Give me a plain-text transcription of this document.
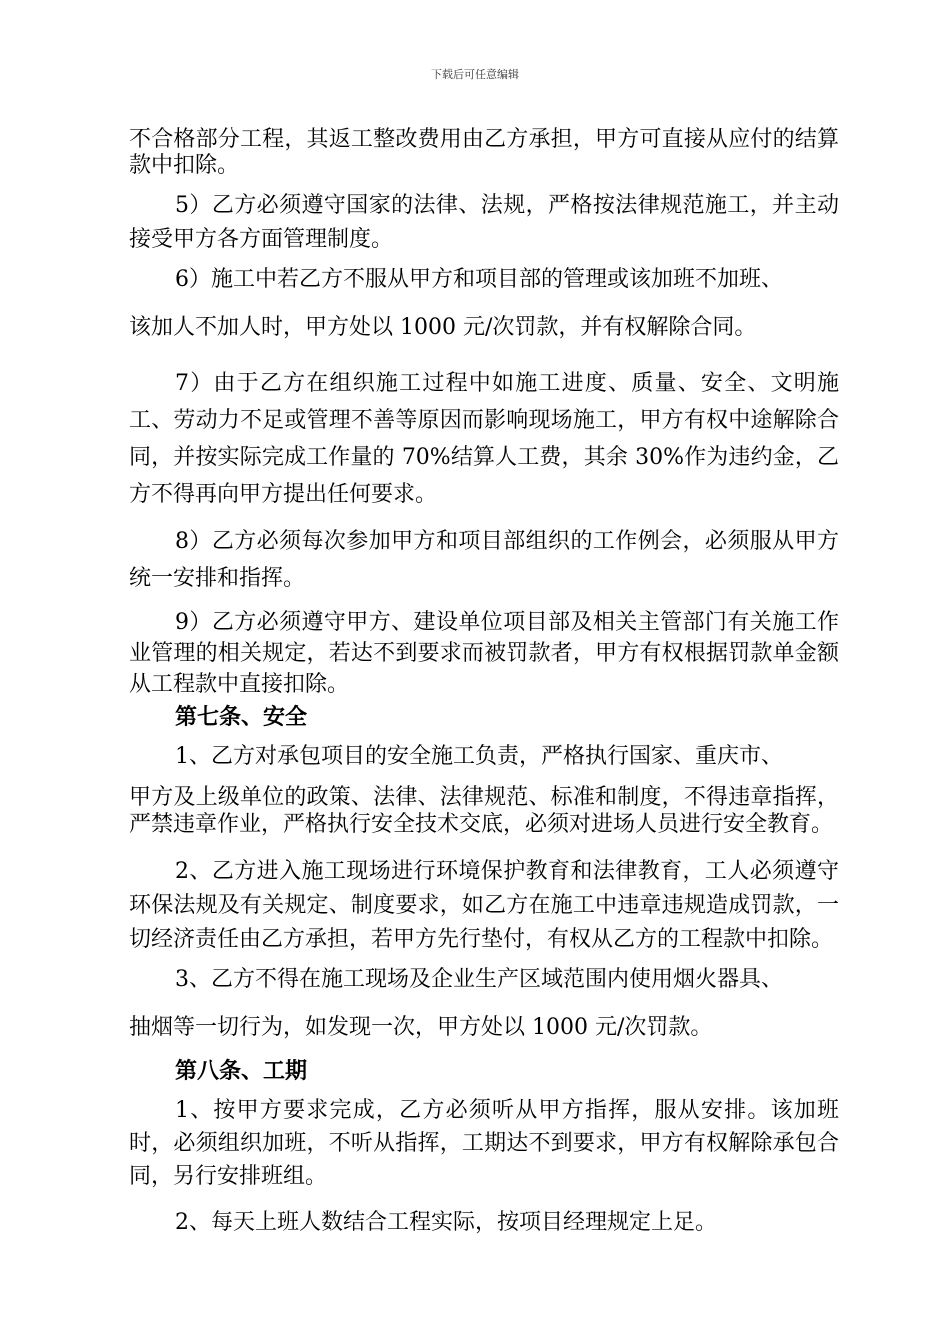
下载后可任意编辑

不合格部分工程，其返工整改费用由乙方承担，甲方可直接从应付的结算款中扣除。

5）乙方必须遵守国家的法律、法规，严格按法律规范施工，并主动接受甲方各方面管理制度。

6）施工中若乙方不服从甲方和项目部的管理或该加班不加班、
该加人不加人时，甲方处以 1000 元/次罚款，并有权解除合同。

7）由于乙方在组织施工过程中如施工进度、质量、安全、文明施工、劳动力不足或管理不善等原因而影响现场施工，甲方有权中途解除合同，并按实际完成工作量的 70%结算人工费，其余 30%作为违约金，乙方不得再向甲方提出任何要求。

8）乙方必须每次参加甲方和项目部组织的工作例会，必须服从甲方统一安排和指挥。

9）乙方必须遵守甲方、建设单位项目部及相关主管部门有关施工作业管理的相关规定，若达不到要求而被罚款者，甲方有权根据罚款单金额从工程款中直接扣除。

第七条、安全

1、乙方对承包项目的安全施工负责，严格执行国家、重庆市、
甲方及上级单位的政策、法律、法律规范、标准和制度，不得违章指挥，严禁违章作业，严格执行安全技术交底，必须对进场人员进行安全教育。

2、乙方进入施工现场进行环境保护教育和法律教育，工人必须遵守环保法规及有关规定、制度要求，如乙方在施工中违章违规造成罚款，一切经济责任由乙方承担，若甲方先行垫付，有权从乙方的工程款中扣除。

3、乙方不得在施工现场及企业生产区域范围内使用烟火器具、
抽烟等一切行为，如发现一次，甲方处以 1000 元/次罚款。

第八条、工期

1、按甲方要求完成，乙方必须听从甲方指挥，服从安排。该加班时，必须组织加班，不听从指挥，工期达不到要求，甲方有权解除承包合同，另行安排班组。

2、每天上班人数结合工程实际，按项目经理规定上足。
